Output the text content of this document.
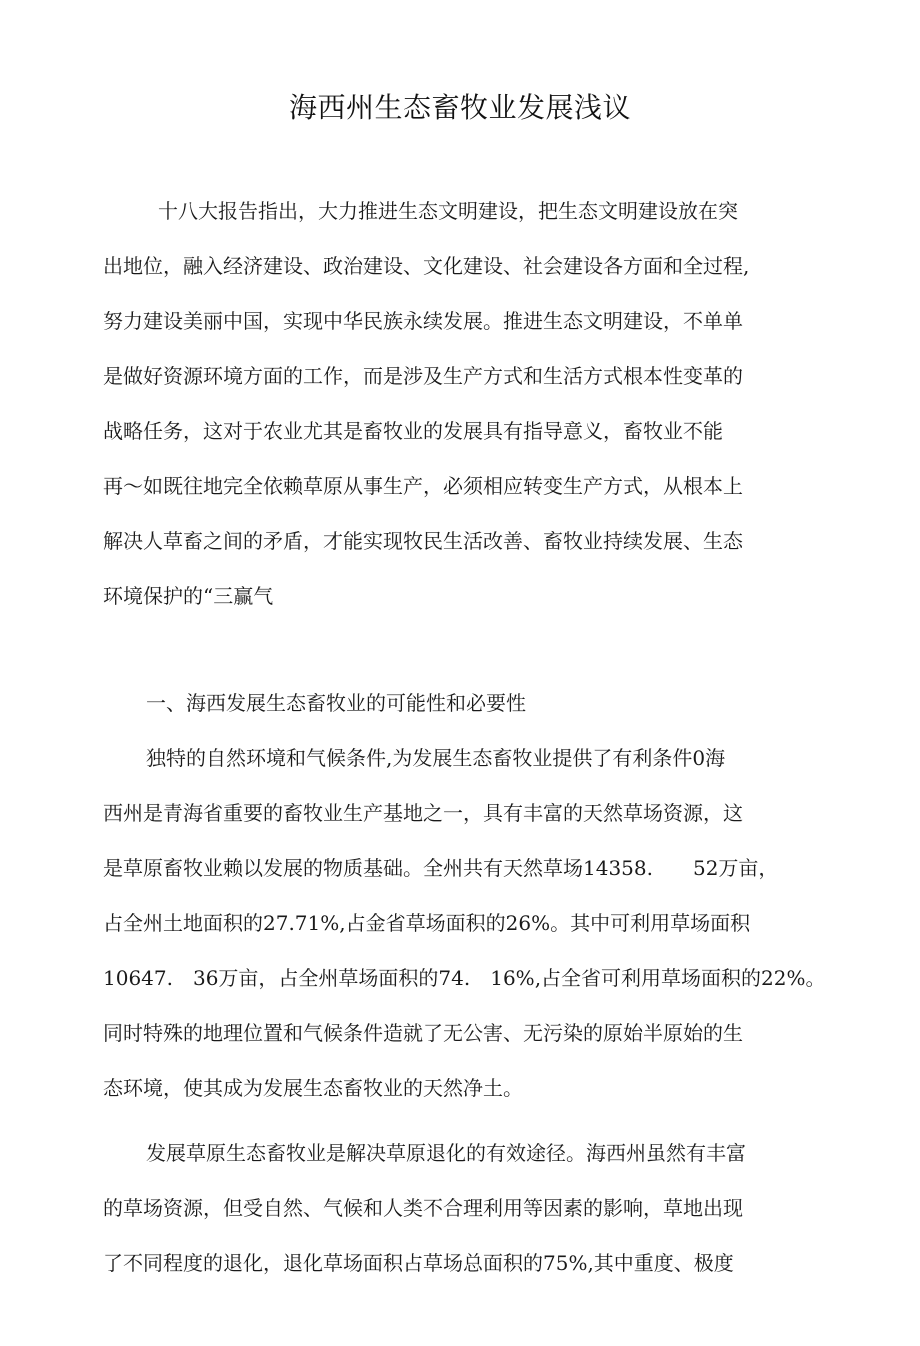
海西州生态畜牧业发展浅议
十八大报告指出，大力推进生态文明建设，把生态文明建设放在突
出地位，融入经济建设、政治建设、文化建设、社会建设各方面和全过程,
努力建设美丽中国，实现中华民族永续发展。推进生态文明建设，不单单
是做好资源环境方面的工作，而是涉及生产方式和生活方式根本性变革的
战略任务，这对于农业尤其是畜牧业的发展具有指导意义，畜牧业不能
再〜如既往地完全依赖草原从事生产，必须相应转变生产方式，从根本上
解决人草畜之间的矛盾，才能实现牧民生活改善、畜牧业持续发展、生态
环境保护的“三赢气
一、海西发展生态畜牧业的可能性和必要性
独特的自然环境和气候条件,为发展生态畜牧业提供了有利条件0海
西州是青海省重要的畜牧业生产基地之一，具有丰富的天然草场资源，这
是草原畜牧业赖以发展的物质基础。全州共有天然草场14358.　　52万亩，
占全州土地面积的27.71%,占金省草场面积的26%。其中可利用草场面积
10647.　36万亩，占全州草场面积的74.　16%,占全省可利用草场面积的22%。
同时特殊的地理位置和气候条件造就了无公害、无污染的原始半原始的生
态环境，使其成为发展生态畜牧业的天然净土。
发展草原生态畜牧业是解决草原退化的有效途径。海西州虽然有丰富
的草场资源，但受自然、气候和人类不合理利用等因素的影响，草地出现
了不同程度的退化，退化草场面积占草场总面积的75%,其中重度、极度
